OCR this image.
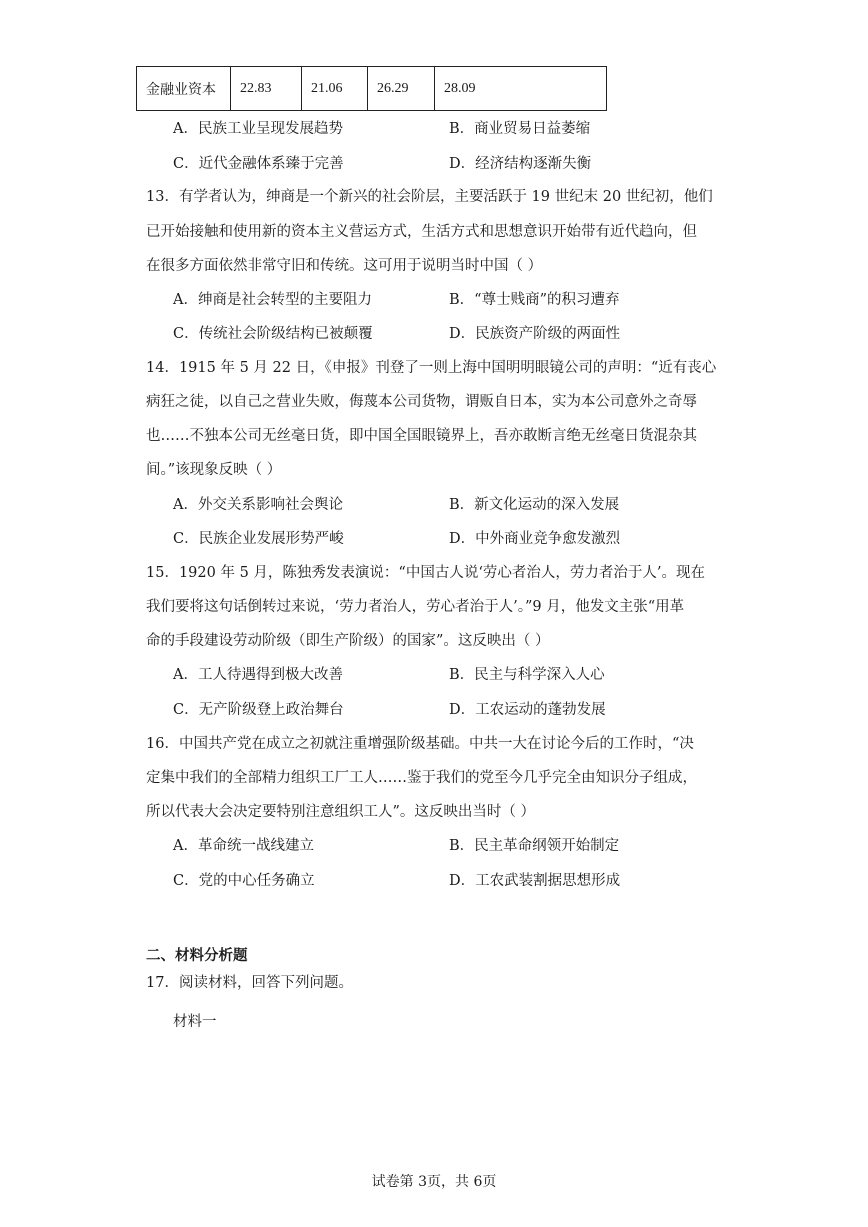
金融业资本	22.83	21.06	26.29	28.09
A．民族工业呈现发展趋势	B．商业贸易日益萎缩
C．近代金融体系臻于完善	D．经济结构逐渐失衡
13．有学者认为，绅商是一个新兴的社会阶层，主要活跃于 19 世纪末 20 世纪初，他们
已开始接触和使用新的资本主义营运方式，生活方式和思想意识开始带有近代趋向，但
在很多方面依然非常守旧和传统。这可用于说明当时中国（ ）
A．绅商是社会转型的主要阻力	B．“尊士贱商”的积习遭弃
C．传统社会阶级结构已被颠覆	D．民族资产阶级的两面性
14．1915 年 5 月 22 日，《申报》刊登了一则上海中国明明眼镜公司的声明：“近有丧心
病狂之徒，以自己之营业失败，侮蔑本公司货物，谓贩自日本，实为本公司意外之奇辱
也……不独本公司无丝毫日货，即中国全国眼镜界上，吾亦敢断言绝无丝毫日货混杂其
间。”该现象反映（ ）
A．外交关系影响社会舆论	B．新文化运动的深入发展
C．民族企业发展形势严峻	D．中外商业竞争愈发激烈
15．1920 年 5 月，陈独秀发表演说：“中国古人说‘劳心者治人，劳力者治于人’。现在
我们要将这句话倒转过来说，‘劳力者治人，劳心者治于人’。”9 月，他发文主张“用革
命的手段建设劳动阶级（即生产阶级）的国家”。这反映出（ ）
A．工人待遇得到极大改善	B．民主与科学深入人心
C．无产阶级登上政治舞台	D．工农运动的蓬勃发展
16．中国共产党在成立之初就注重增强阶级基础。中共一大在讨论今后的工作时，“决
定集中我们的全部精力组织工厂工人……鉴于我们的党至今几乎完全由知识分子组成，
所以代表大会决定要特别注意组织工人”。这反映出当时（ ）
A．革命统一战线建立	B．民主革命纲领开始制定
C．党的中心任务确立	D．工农武装割据思想形成
二、材料分析题
17．阅读材料，回答下列问题。
材料一
试卷第 3页，共 6页
